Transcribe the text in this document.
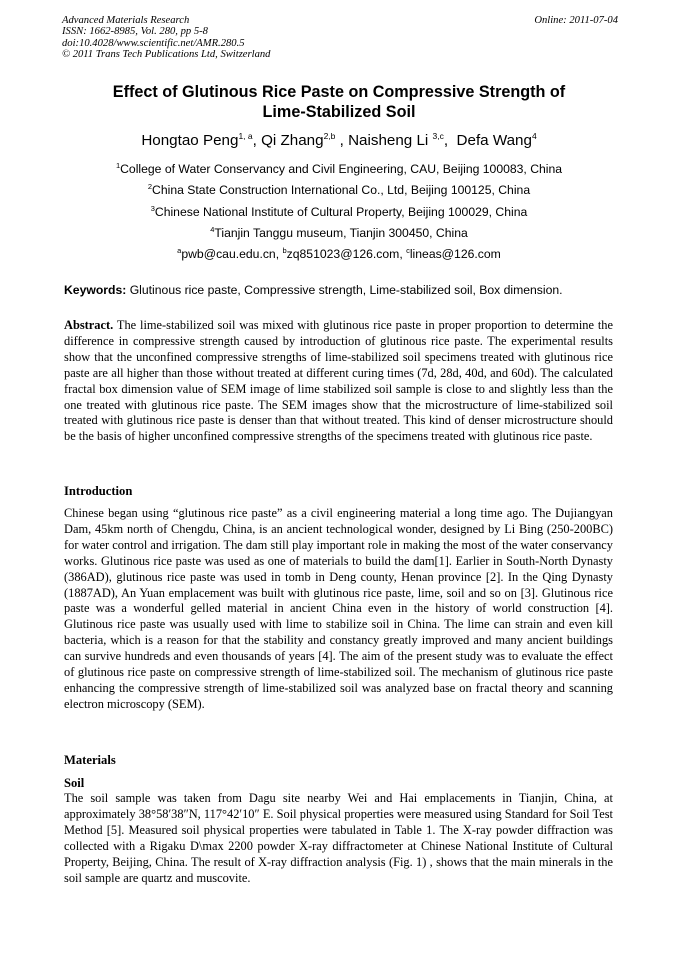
Advanced Materials Research
ISSN: 1662-8985, Vol. 280, pp 5-8
doi:10.4028/www.scientific.net/AMR.280.5
© 2011 Trans Tech Publications Ltd, Switzerland
Online: 2011-07-04
Effect of Glutinous Rice Paste on Compressive Strength of
Lime-Stabilized Soil
Hongtao Peng$^{1, a}$, Qi Zhang$^{2,b}$ , Naisheng Li $^{3,c}$,  Defa Wang$^4$
$^1$College of Water Conservancy and Civil Engineering, CAU, Beijing 100083, China
$^2$China State Construction International Co., Ltd, Beijing 100125, China
$^3$Chinese National Institute of Cultural Property, Beijing 100029, China
$^4$Tianjin Tanggu museum, Tianjin 300450, China
$^a$pwb@cau.edu.cn, $^b$zq851023@126.com, $^c$lineas@126.com
Keywords: Glutinous rice paste, Compressive strength, Lime-stabilized soil, Box dimension.
Abstract. The lime-stabilized soil was mixed with glutinous rice paste in proper proportion to determine the difference in compressive strength caused by introduction of glutinous rice paste. The experimental results show that the unconfined compressive strengths of lime-stabilized soil specimens treated with glutinous rice paste are all higher than those without treated at different curing times (7d, 28d, 40d, and 60d). The calculated fractal box dimension value of SEM image of lime stabilized soil sample is close to and slightly less than the one treated with glutinous rice paste. The SEM images show that the microstructure of lime-stabilized soil treated with glutinous rice paste is denser than that without treated. This kind of denser microstructure should be the basis of higher unconfined compressive strengths of the specimens treated with glutinous rice paste.
Introduction
Chinese began using “glutinous rice paste” as a civil engineering material a long time ago. The Dujiangyan Dam, 45km north of Chengdu, China, is an ancient technological wonder, designed by Li Bing (250-200BC) for water control and irrigation. The dam still play important role in making the most of the water conservancy works. Glutinous rice paste was used as one of materials to build the dam[1]. Earlier in South-North Dynasty (386AD), glutinous rice paste was used in tomb in Deng county, Henan province [2]. In the Qing Dynasty (1887AD), An Yuan emplacement was built with glutinous rice paste, lime, soil and so on [3]. Glutinous rice paste was a wonderful gelled material in ancient China even in the history of world construction [4]. Glutinous rice paste was usually used with lime to stabilize soil in China. The lime can strain and even kill bacteria, which is a reason for that the stability and constancy greatly improved and many ancient buildings can survive hundreds and even thousands of years [4]. The aim of the present study was to evaluate the effect of glutinous rice paste on compressive strength of lime-stabilized soil. The mechanism of glutinous rice paste enhancing the compressive strength of lime-stabilized soil was analyzed base on fractal theory and scanning electron microscopy (SEM).
Materials
Soil
The soil sample was taken from Dagu site nearby Wei and Hai emplacements in Tianjin, China, at approximately 38°58′38″N, 117°42′10″ E. Soil physical properties were measured using Standard for Soil Test Method [5]. Measured soil physical properties were tabulated in Table 1. The X-ray powder diffraction was collected with a Rigaku D\max 2200 powder X-ray diffractometer at Chinese National Institute of Cultural Property, Beijing, China. The result of X-ray diffraction analysis (Fig. 1) , shows that the main minerals in the soil sample are quartz and muscovite.
